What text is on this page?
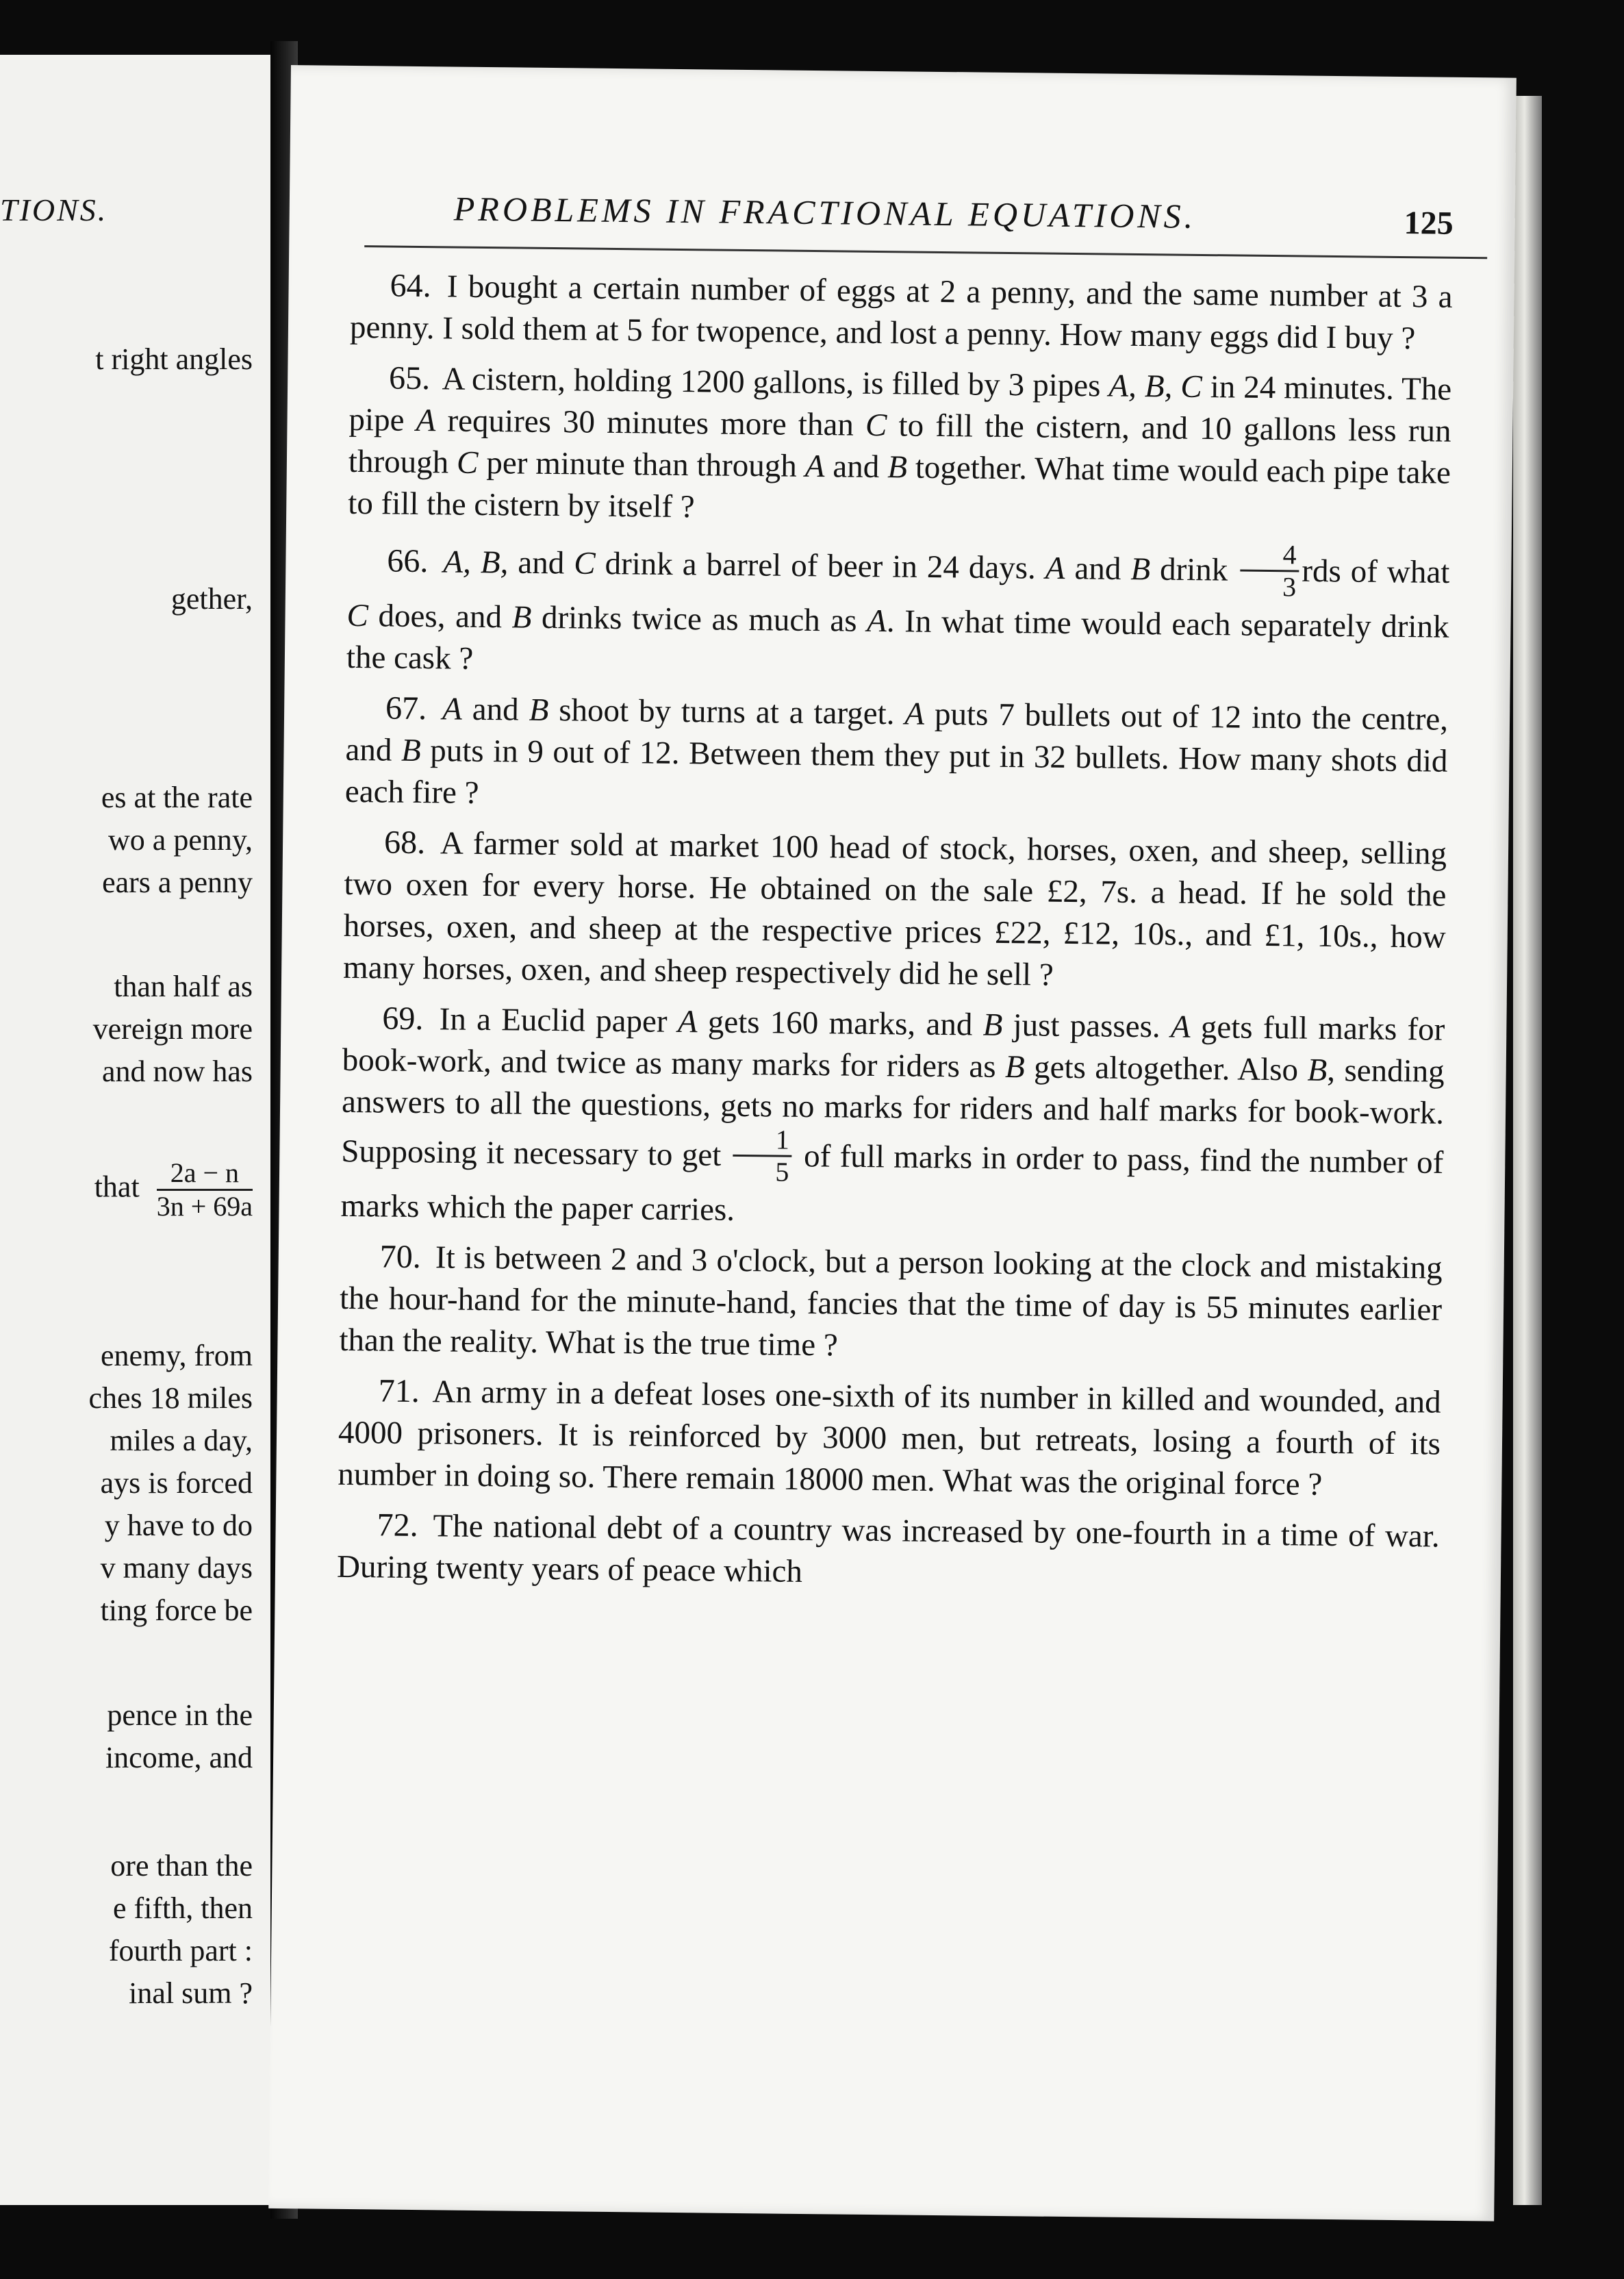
TIONS.
t right angles
gether,
es at the rate
wo a penny,
ears a penny
than half as
vereign more
and now has
enemy, from
ches 18 miles
miles a day,
ays is forced
y have to do
v many days
ting force be
pence in the
income, and
ore than the
e fifth, then
fourth part :
inal sum ?
that $\frac{2a - n}{3n + 69a}$
PROBLEMS IN FRACTIONAL EQUATIONS.	125

64. I bought a certain number of eggs at 2 a penny, and the same number at 3 a penny. I sold them at 5 for twopence, and lost a penny. How many eggs did I buy ?

65. A cistern, holding 1200 gallons, is filled by 3 pipes A, B, C in 24 minutes. The pipe A requires 30 minutes more than C to fill the cistern, and 10 gallons less run through C per minute than through A and B together. What time would each pipe take to fill the cistern by itself ?

66. A, B, and C drink a barrel of beer in 24 days. A and B drink $\frac{4}{3}$ rds of what C does, and B drinks twice as much as A. In what time would each separately drink the cask ?

67. A and B shoot by turns at a target. A puts 7 bullets out of 12 into the centre, and B puts in 9 out of 12. Between them they put in 32 bullets. How many shots did each fire ?

68. A farmer sold at market 100 head of stock, horses, oxen, and sheep, selling two oxen for every horse. He obtained on the sale £2, 7s. a head. If he sold the horses, oxen, and sheep at the respective prices £22, £12, 10s., and £1, 10s., how many horses, oxen, and sheep respectively did he sell ?

69. In a Euclid paper A gets 160 marks, and B just passes. A gets full marks for book-work, and twice as many marks for riders as B gets altogether. Also B, sending answers to all the questions, gets no marks for riders and half marks for book-work. Supposing it necessary to get $\frac{1}{5}$ of full marks in order to pass, find the number of marks which the paper carries.

70. It is between 2 and 3 o'clock, but a person looking at the clock and mistaking the hour-hand for the minute-hand, fancies that the time of day is 55 minutes earlier than the reality. What is the true time ?

71. An army in a defeat loses one-sixth of its number in killed and wounded, and 4000 prisoners. It is reinforced by 3000 men, but retreats, losing a fourth of its number in doing so. There remain 18000 men. What was the original force ?

72. The national debt of a country was increased by one-fourth in a time of war. During twenty years of peace which
